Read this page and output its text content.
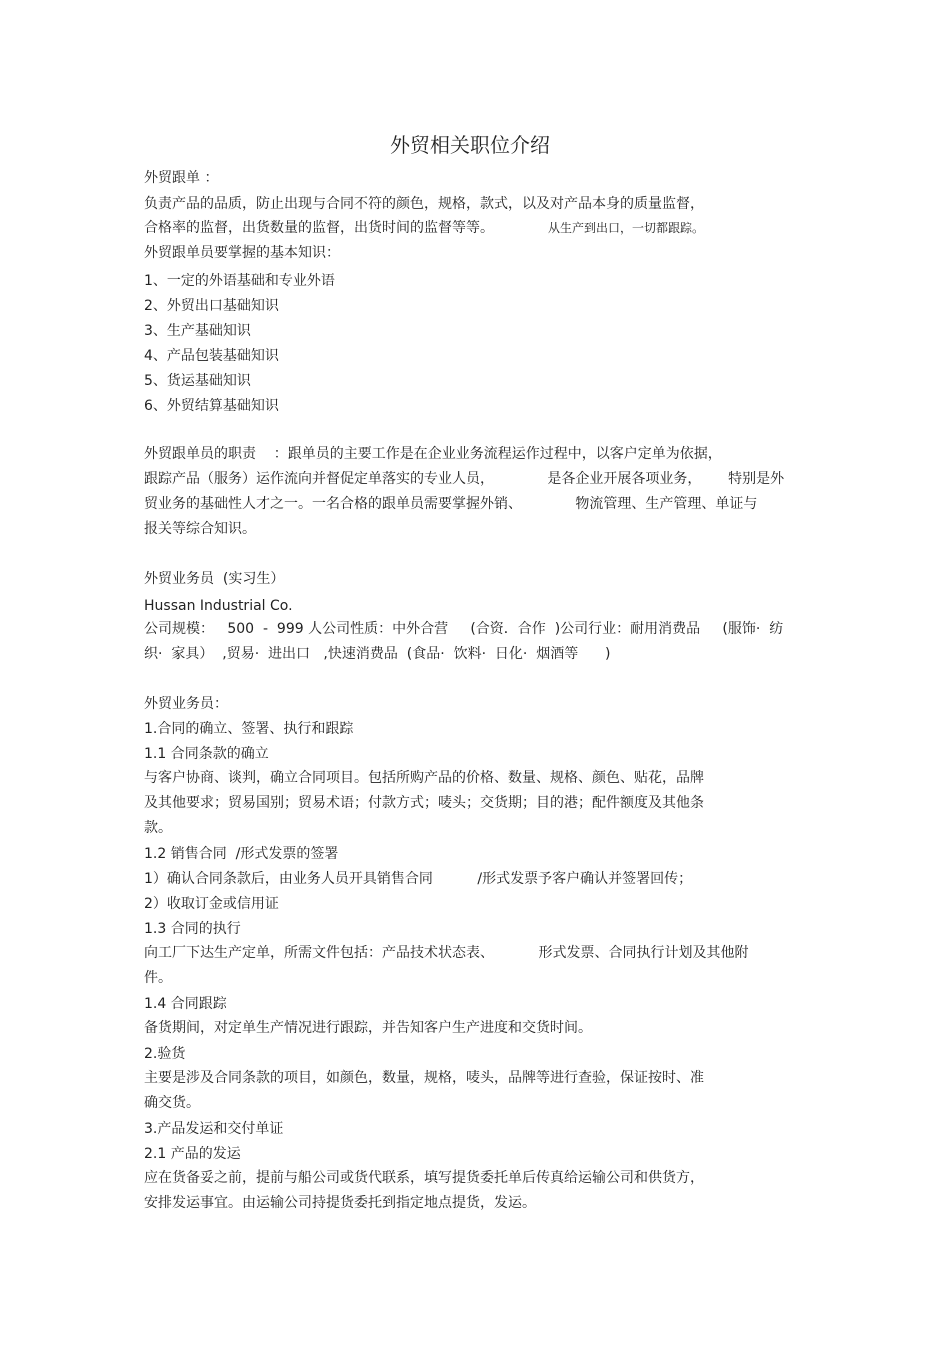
外贸相关职位介绍
外贸跟单 ：
负责产品的品质，防止出现与合同不符的颜色，规格，款式，以及对产品本身的质量监督，
合格率的监督，出货数量的监督，出货时间的监督等等。	从生产到出口，一切都跟踪。
外贸跟单员要掌握的基本知识：
1、一定的外语基础和专业外语
2、外贸出口基础知识
3、生产基础知识
4、产品包装基础知识
5、货运基础知识
6、外贸结算基础知识
外贸跟单员的职责    ：跟单员的主要工作是在企业业务流程运作过程中，以客户定单为依据，
跟踪产品（服务）运作流向并督促定单落实的专业人员，            是各企业开展各项业务，      特别是外
贸业务的基础性人才之一。一名合格的跟单员需要掌握外销、            物流管理、生产管理、单证与
报关等综合知识。
外贸业务员  (实习生）
Hussan Industrial Co.
公司规模：   500  -  999 人公司性质：中外合营     (合资．合作  )公司行业：耐用消费品     (服饰·  纺
织·  家具）  ,贸易·  进出口   ,快速消费品  (食品·  饮料·  日化·  烟酒等      )
外贸业务员：
1.合同的确立、签署、执行和跟踪
1.1 合同条款的确立
与客户协商、谈判，确立合同项目。包括所购产品的价格、数量、规格、颜色、贴花，品牌
及其他要求；贸易国别；贸易术语；付款方式；唛头；交货期；目的港；配件额度及其他条
款。
1.2 销售合同  /形式发票的签署
1）确认合同条款后，由业务人员开具销售合同          /形式发票予客户确认并签署回传；
2）收取订金或信用证
1.3 合同的执行
向工厂下达生产定单，所需文件包括：产品技术状态表、          形式发票、合同执行计划及其他附
件。
1.4 合同跟踪
备货期间，对定单生产情况进行跟踪，并告知客户生产进度和交货时间。
2.验货
主要是涉及合同条款的项目，如颜色，数量，规格，唛头，品牌等进行查验，保证按时、准
确交货。
3.产品发运和交付单证
2.1 产品的发运
应在货备妥之前，提前与船公司或货代联系，填写提货委托单后传真给运输公司和供货方，
安排发运事宜。由运输公司持提货委托到指定地点提货，发运。
